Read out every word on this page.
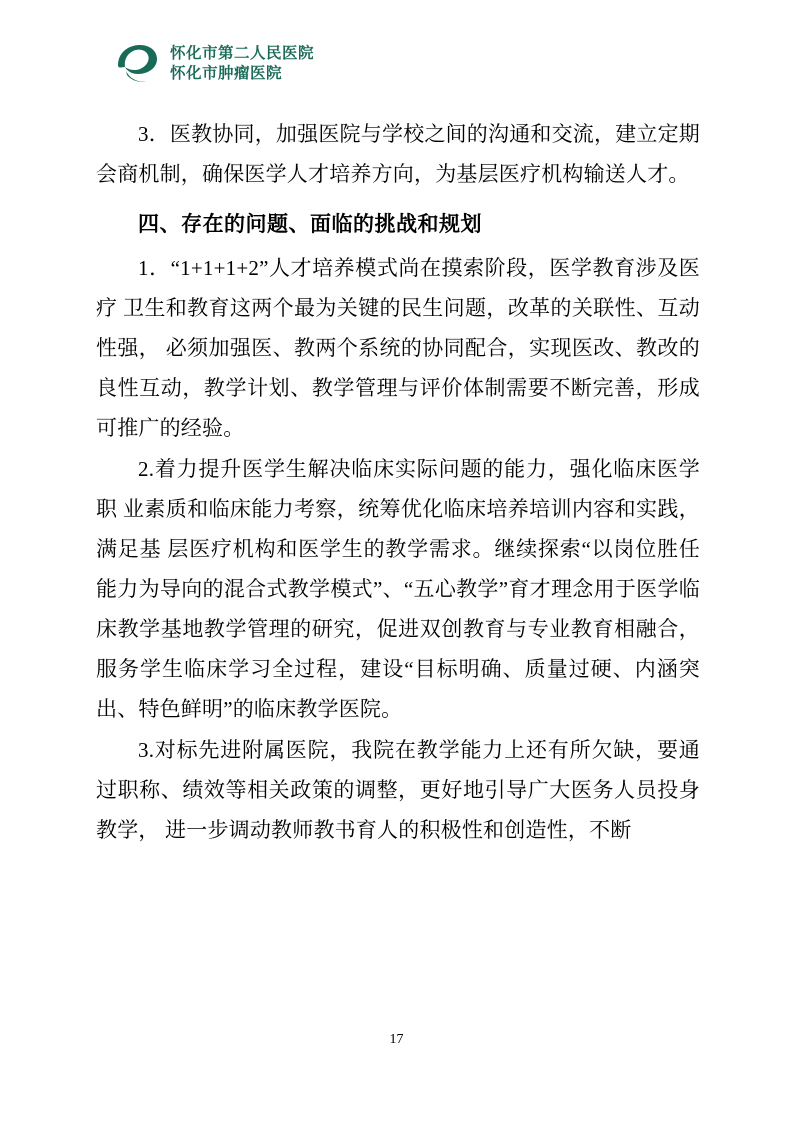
怀化市第二人民医院
怀化市肿瘤医院

3．医教协同，加强医院与学校之间的沟通和交流，建立定期会商机制，确保医学人才培养方向，为基层医疗机构输送人才。

四、存在的问题、面临的挑战和规划

1．“1+1+1+2”人才培养模式尚在摸索阶段，医学教育涉及医疗 卫生和教育这两个最为关键的民生问题，改革的关联性、互动性强， 必须加强医、教两个系统的协同配合，实现医改、教改的良性互动，教学计划、教学管理与评价体制需要不断完善，形成可推广的经验。

2.着力提升医学生解决临床实际问题的能力，强化临床医学职 业素质和临床能力考察，统筹优化临床培养培训内容和实践，满足基 层医疗机构和医学生的教学需求。继续探索“以岗位胜任能力为导向的混合式教学模式”、“五心教学”育才理念用于医学临床教学基地教学管理的研究，促进双创教育与专业教育相融合，服务学生临床学习全过程，建设“目标明确、质量过硬、内涵突出、特色鲜明”的临床教学医院。

3.对标先进附属医院，我院在教学能力上还有所欠缺，要通过职称、绩效等相关政策的调整，更好地引导广大医务人员投身教学， 进一步调动教师教书育人的积极性和创造性，不断

17
